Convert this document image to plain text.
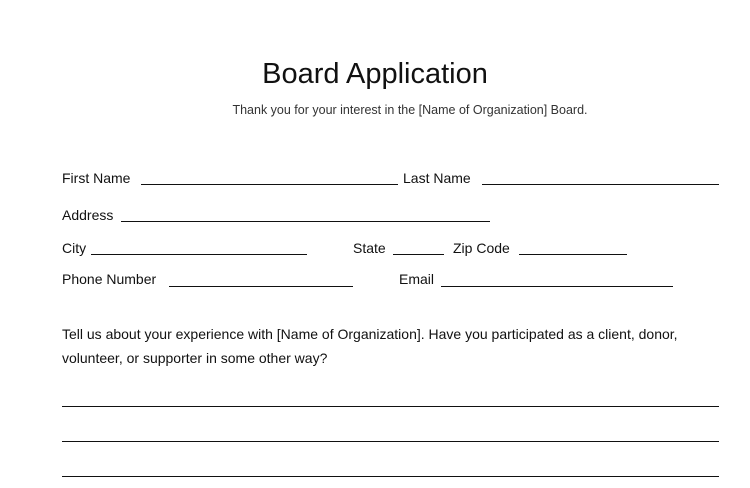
Board Application
Thank you for your interest in the [Name of Organization] Board.
First Name	Last Name
Address
City	State	Zip Code
Phone Number	Email
Tell us about your experience with [Name of Organization]. Have you participated as a client, donor, volunteer, or supporter in some other way?
